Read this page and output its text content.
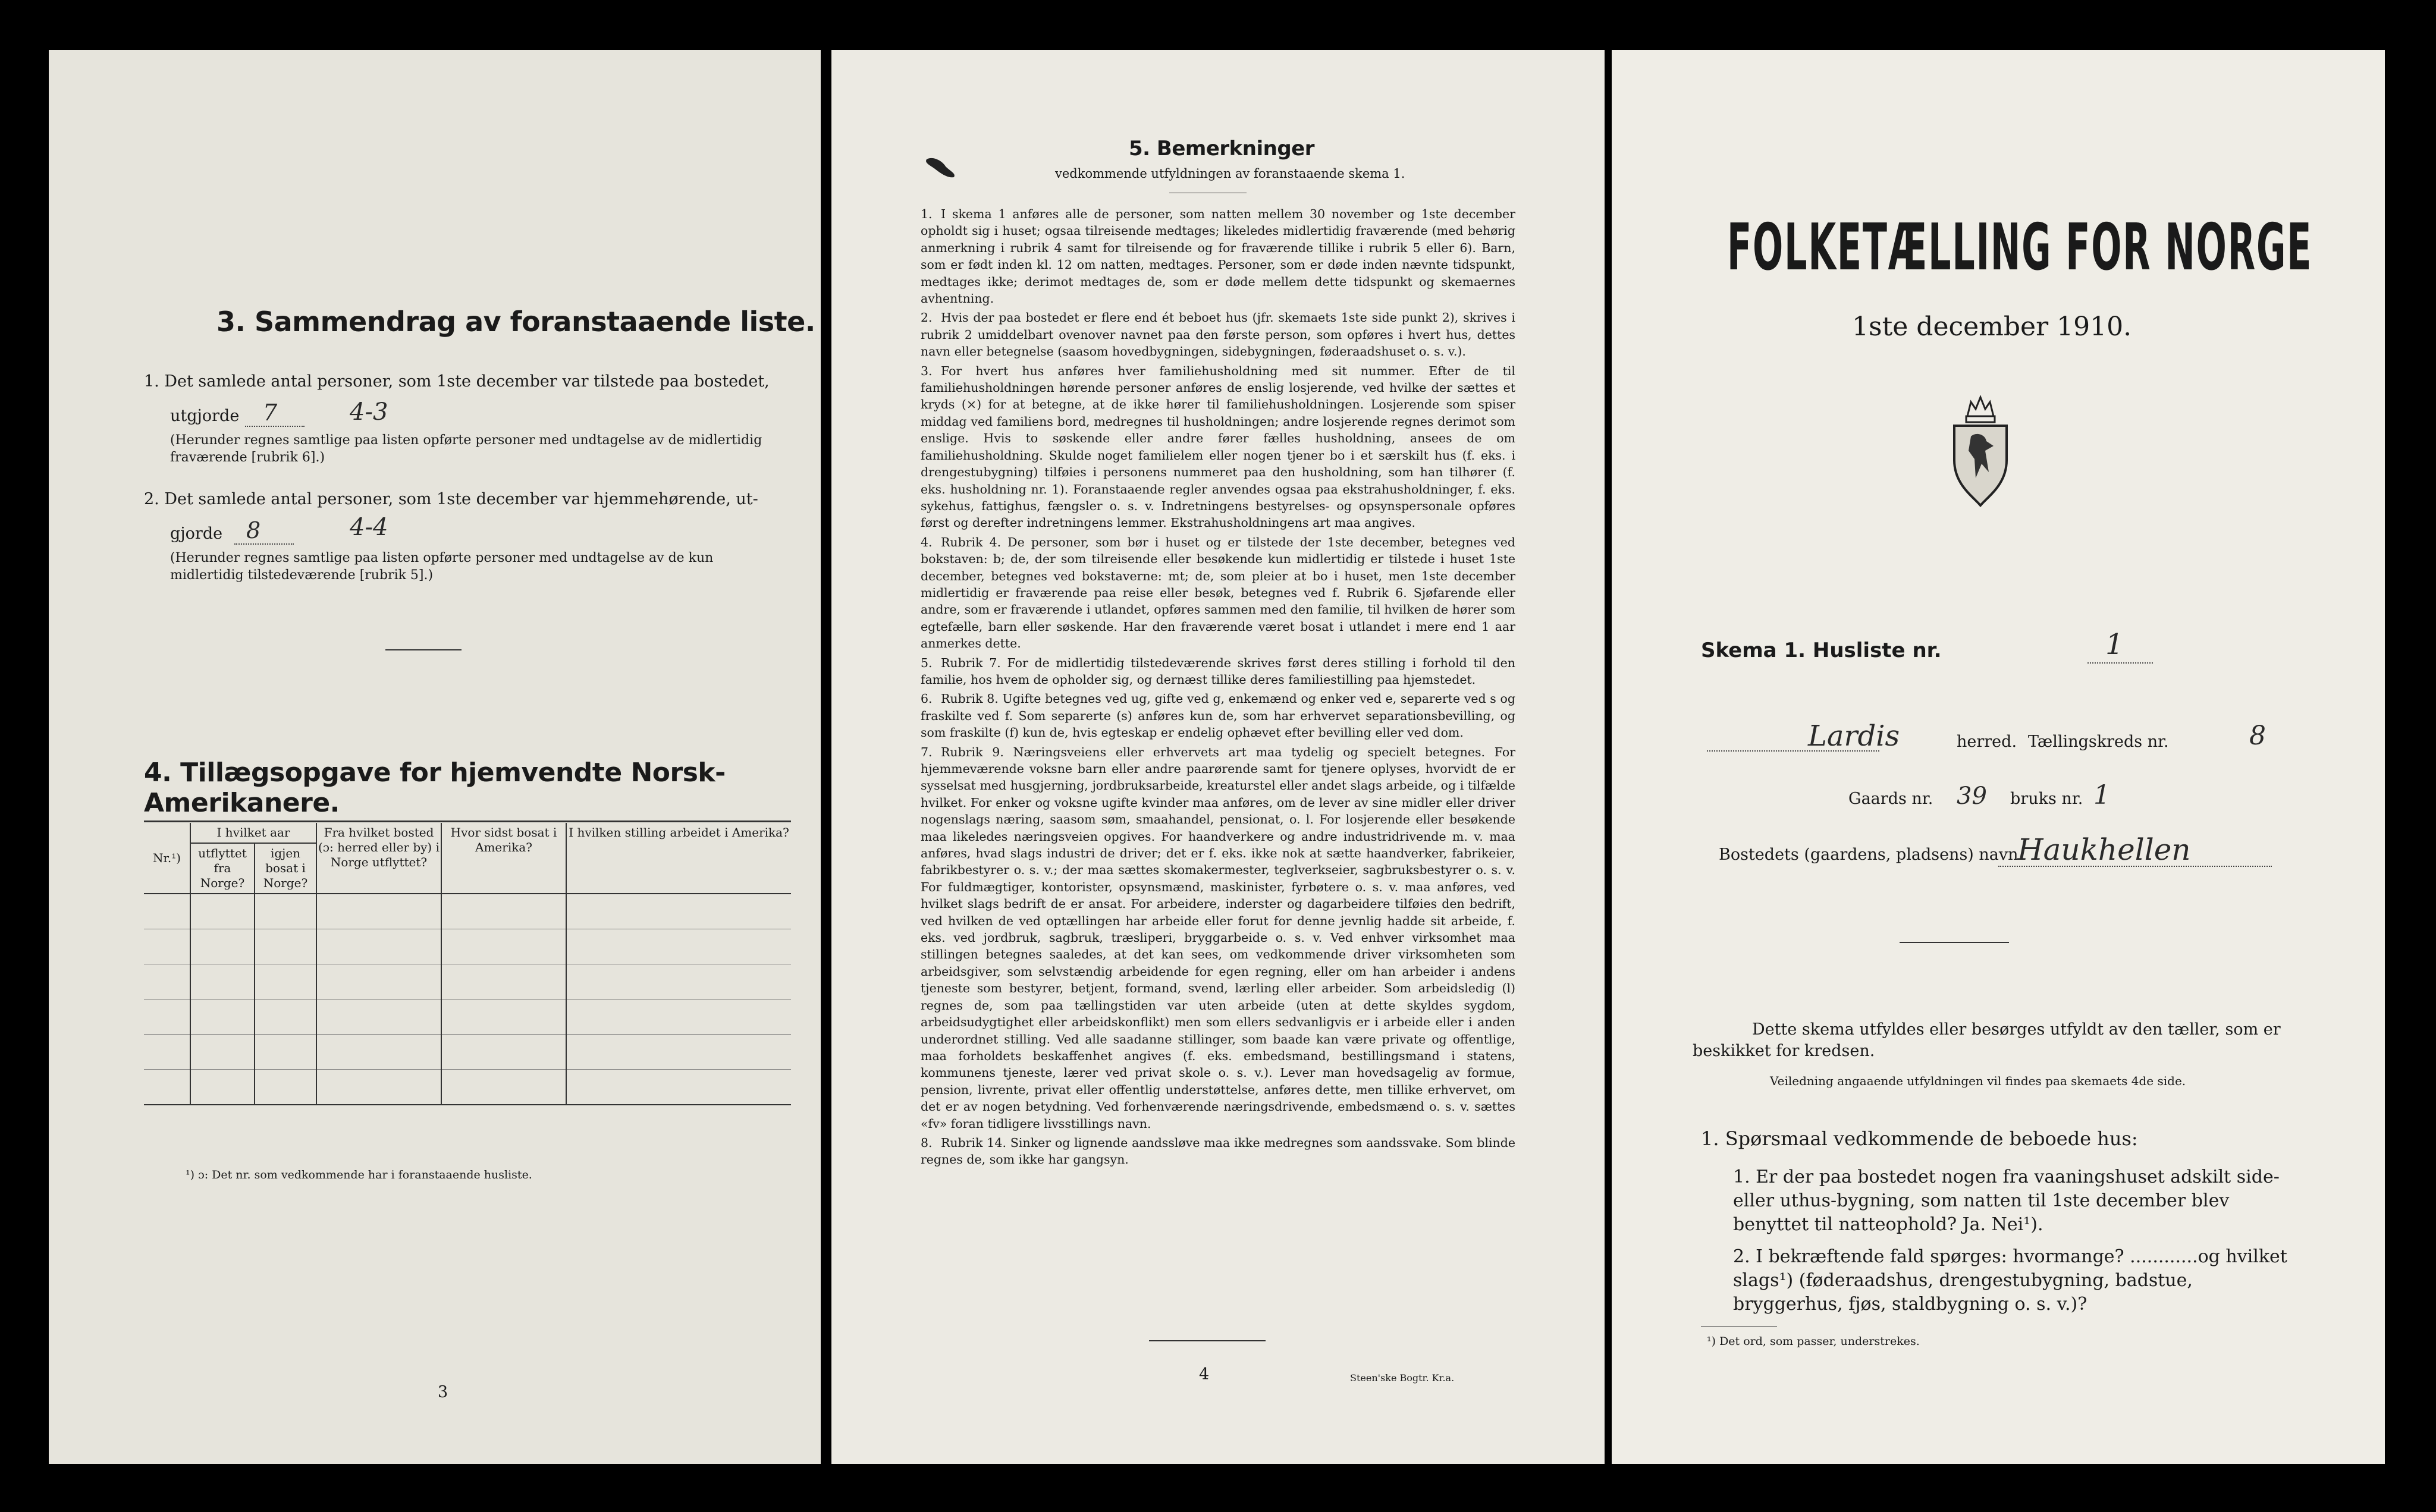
3. Sammendrag av foranstaaende liste.
1. Det samlede antal personer, som 1ste december var tilstede paa bostedet,
utgjorde 7	4-3
(Herunder regnes samtlige paa listen opførte personer med undtagelse av de midlertidig fraværende [rubrik 6].)
2. Det samlede antal personer, som 1ste december var hjemmehørende, ut-
gjorde 8	4-4
(Herunder regnes samtlige paa listen opførte personer med undtagelse av de kun midlertidig tilstedeværende [rubrik 5].)
4. Tillægsopgave for hjemvendte Norsk-Amerikanere.
Nr.¹)	I hvilket aar		Fra hvilket bosted (ɔ: herred eller by) i Norge utflyttet?	Hvor sidst bosat i Amerika?	I hvilken stilling arbeidet i Amerika?
	utflyttet fra Norge?	igjen bosat i Norge?			

¹) ɔ: Det nr. som vedkommende har i foranstaaende husliste.
3
5. Bemerkninger
vedkommende utfyldningen av foranstaaende skema 1.

1. I skema 1 anføres alle de personer, som natten mellem 30 november og 1ste december opholdt sig i huset; ogsaa tilreisende medtages; likeledes midlertidig fraværende (med behørig anmerkning i rubrik 4 samt for tilreisende og for fraværende tillike i rubrik 5 eller 6). Barn, som er født inden kl. 12 om natten, medtages. Personer, som er døde inden nævnte tidspunkt, medtages ikke; derimot medtages de, som er døde mellem dette tidspunkt og skemaernes avhentning.

2. Hvis der paa bostedet er flere end ét beboet hus (jfr. skemaets 1ste side punkt 2), skrives i rubrik 2 umiddelbart ovenover navnet paa den første person, som opføres i hvert hus, dettes navn eller betegnelse (saasom hovedbygningen, sidebygningen, føderaadshuset o. s. v.).

3. For hvert hus anføres hver familiehusholdning med sit nummer. Efter de til familiehusholdningen hørende personer anføres de enslig losjerende, ved hvilke der sættes et kryds (×) for at betegne, at de ikke hører til familiehusholdningen. Losjerende som spiser middag ved familiens bord, medregnes til husholdningen; andre losjerende regnes derimot som enslige. Hvis to søskende eller andre fører fælles husholdning, ansees de om familiehusholdning. Skulde noget familielem eller nogen tjener bo i et særskilt hus (f. eks. i drengestubygning) tilføies i personens nummeret paa den husholdning, som han tilhører (f. eks. husholdning nr. 1). Foranstaaende regler anvendes ogsaa paa ekstrahusholdninger, f. eks. sykehus, fattighus, fængsler o. s. v. Indretningens bestyrelses- og opsynspersonale opføres først og derefter indretningens lemmer. Ekstrahusholdningens art maa angives.

4. Rubrik 4. De personer, som bør i huset og er tilstede der 1ste december, betegnes ved bokstaven: b; de, der som tilreisende eller besøkende kun midlertidig er tilstede i huset 1ste december, betegnes ved bokstaverne: mt; de, som pleier at bo i huset, men 1ste december midlertidig er fraværende paa reise eller besøk, betegnes ved f. Rubrik 6. Sjøfarende eller andre, som er fraværende i utlandet, opføres sammen med den familie, til hvilken de hører som egtefælle, barn eller søskende. Har den fraværende været bosat i utlandet i mere end 1 aar anmerkes dette.

5. Rubrik 7. For de midlertidig tilstedeværende skrives først deres stilling i forhold til den familie, hos hvem de opholder sig, og dernæst tillike deres familiestilling paa hjemstedet.

6. Rubrik 8. Ugifte betegnes ved ug, gifte ved g, enkemænd og enker ved e, separerte ved s og fraskilte ved f. Som separerte (s) anføres kun de, som har erhvervet separationsbevilling, og som fraskilte (f) kun de, hvis egteskap er endelig ophævet efter bevilling eller ved dom.

7. Rubrik 9. Næringsveiens eller erhvervets art maa tydelig og specielt betegnes. For hjemmeværende voksne barn eller andre paarørende samt for tjenere oplyses, hvorvidt de er sysselsat med husgjerning, jordbruksarbeide, kreaturstel eller andet slags arbeide, og i tilfælde hvilket. For enker og voksne ugifte kvinder maa anføres, om de lever av sine midler eller driver nogenslags næring, saasom søm, smaahandel, pensionat, o. l. For losjerende eller besøkende maa likeledes næringsveien opgives. For haandverkere og andre industridrivende m. v. maa anføres, hvad slags industri de driver; det er f. eks. ikke nok at sætte haandverker, fabrikeier, fabrikbestyrer o. s. v.; der maa sættes skomakermester, teglverkseier, sagbruksbestyrer o. s. v. For fuldmægtiger, kontorister, opsynsmænd, maskinister, fyrbøtere o. s. v. maa anføres, ved hvilket slags bedrift de er ansat. For arbeidere, inderster og dagarbeidere tilføies den bedrift, ved hvilken de ved optællingen har arbeide eller forut for denne jevnlig hadde sit arbeide, f. eks. ved jordbruk, sagbruk, træsliperi, bryggarbeide o. s. v. Ved enhver virksomhet maa stillingen betegnes saaledes, at det kan sees, om vedkommende driver virksomheten som arbeidsgiver, som selvstændig arbeidende for egen regning, eller om han arbeider i andens tjeneste som bestyrer, betjent, formand, svend, lærling eller arbeider. Som arbeidsledig (l) regnes de, som paa tællingstiden var uten arbeide (uten at dette skyldes sygdom, arbeidsudygtighet eller arbeidskonflikt) men som ellers sedvanligvis er i arbeide eller i anden underordnet stilling. Ved alle saadanne stillinger, som baade kan være private og offentlige, maa forholdets beskaffenhet angives (f. eks. embedsmand, bestillingsmand i statens, kommunens tjeneste, lærer ved privat skole o. s. v.). Lever man hovedsagelig av formue, pension, livrente, privat eller offentlig understøttelse, anføres dette, men tillike erhvervet, om det er av nogen betydning. Ved forhenværende næringsdrivende, embedsmænd o. s. v. sættes «fv» foran tidligere livsstillings navn.

8. Rubrik 14. Sinker og lignende aandssløve maa ikke medregnes som aandssvake. Som blinde regnes de, som ikke har gangsyn.

4	Steen'ske Bogtr. Kr.a.
FOLKETÆLLING FOR NORGE
1ste december 1910.
Skema 1. Husliste nr.	1
Lardis	herred. Tællingskreds nr.	8
Gaards nr. 39 bruks nr. 1
Bostedets (gaardens, pladsens) navn
Haukhellen
Dette skema utfyldes eller besørges utfyldt av den tæller, som er beskikket for kredsen.
Veiledning angaaende utfyldningen vil findes paa skemaets 4de side.
1. Spørsmaal vedkommende de beboede hus:
1. Er der paa bostedet nogen fra vaaningshuset adskilt side- eller uthus-bygning, som natten til 1ste december blev benyttet til natteophold? Ja. Nei¹).
2. I bekræftende fald spørges: hvormange? ............og hvilket slags¹) (føderaadshus, drengestubygning, badstue, bryggerhus, fjøs, staldbygning o. s. v.)?
¹) Det ord, som passer, understrekes.
